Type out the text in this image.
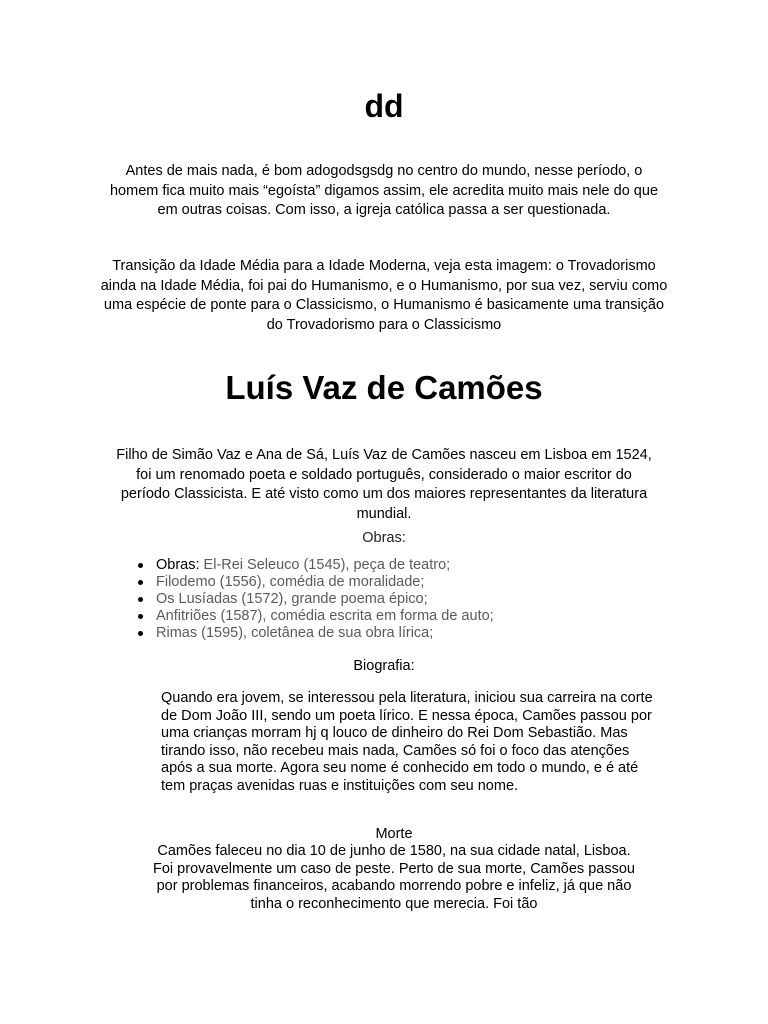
dd
Antes de mais nada, é bom adogodsgsdg no centro do mundo, nesse período, o homem fica muito mais “egoísta” digamos assim, ele acredita muito mais nele do que em outras coisas. Com isso, a igreja católica passa a ser questionada.
Transição da Idade Média para a Idade Moderna, veja esta imagem: o Trovadorismo ainda na Idade Média, foi pai do Humanismo, e o Humanismo, por sua vez, serviu como uma espécie de ponte para o Classicismo, o Humanismo é basicamente uma transição do Trovadorismo para o Classicismo
Luís Vaz de Camões
Filho de Simão Vaz e Ana de Sá, Luís Vaz de Camões nasceu em Lisboa em 1524, foi um renomado poeta e soldado português, considerado o maior escritor do período Classicista. E até visto como um dos maiores representantes da literatura mundial.
Obras:
Obras: El-Rei Seleuco (1545), peça de teatro;
Filodemo (1556), comédia de moralidade;
Os Lusíadas (1572), grande poema épico;
Anfitriões (1587), comédia escrita em forma de auto;
Rimas (1595), coletânea de sua obra lírica;
Biografia:
Quando era jovem, se interessou pela literatura, iniciou sua carreira na corte de Dom João III, sendo um poeta lírico. E nessa época, Camões passou por uma crianças morram hj q louco de dinheiro do Rei Dom Sebastião. Mas tirando isso, não recebeu mais nada, Camões só foi o foco das atenções após a sua morte. Agora seu nome é conhecido em todo o mundo, e é até tem praças avenidas ruas e instituições com seu nome.
Morte
Camões faleceu no dia 10 de junho de 1580, na sua cidade natal, Lisboa. Foi provavelmente um caso de peste. Perto de sua morte, Camões passou por problemas financeiros, acabando morrendo pobre e infeliz, já que não tinha o reconhecimento que merecia. Foi tão
